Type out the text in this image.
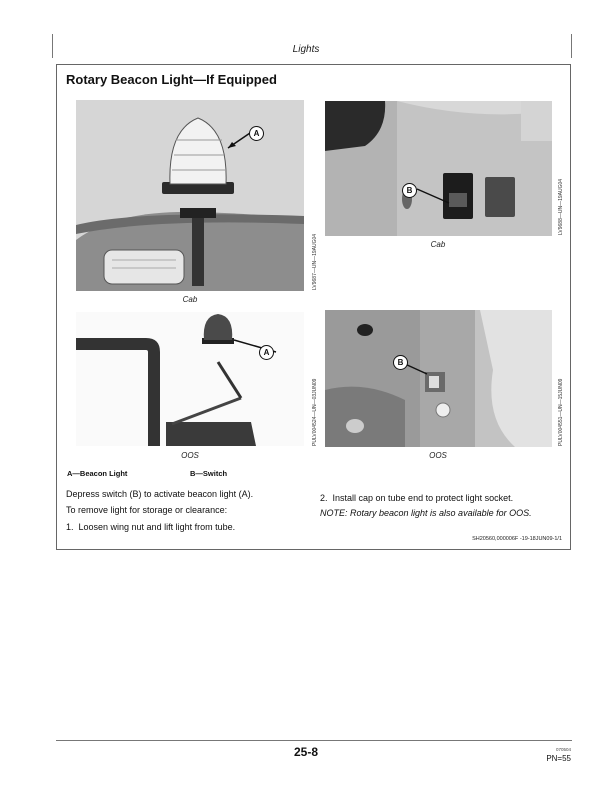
Lights
Rotary Beacon Light—If Equipped
A
LV9687—UN—19AUG04
Cab
B	LV9688—UN—19AUG04
Cab
A
PULV004524—UN—03JUN09
OOS
B
PULV004551—UN—15JUN09
OOS
A—Beacon Light	B—Switch
Depress switch (B) to activate beacon light (A).
To remove light for storage or clearance:
1.  Loosen wing nut and lift light from tube.
2.  Install cap on tube end to protect light socket.
NOTE: Rotary beacon light is also available for OOS.
SH20560,000006F -19-18JUN09-1/1
25-8	070504
PN=55
